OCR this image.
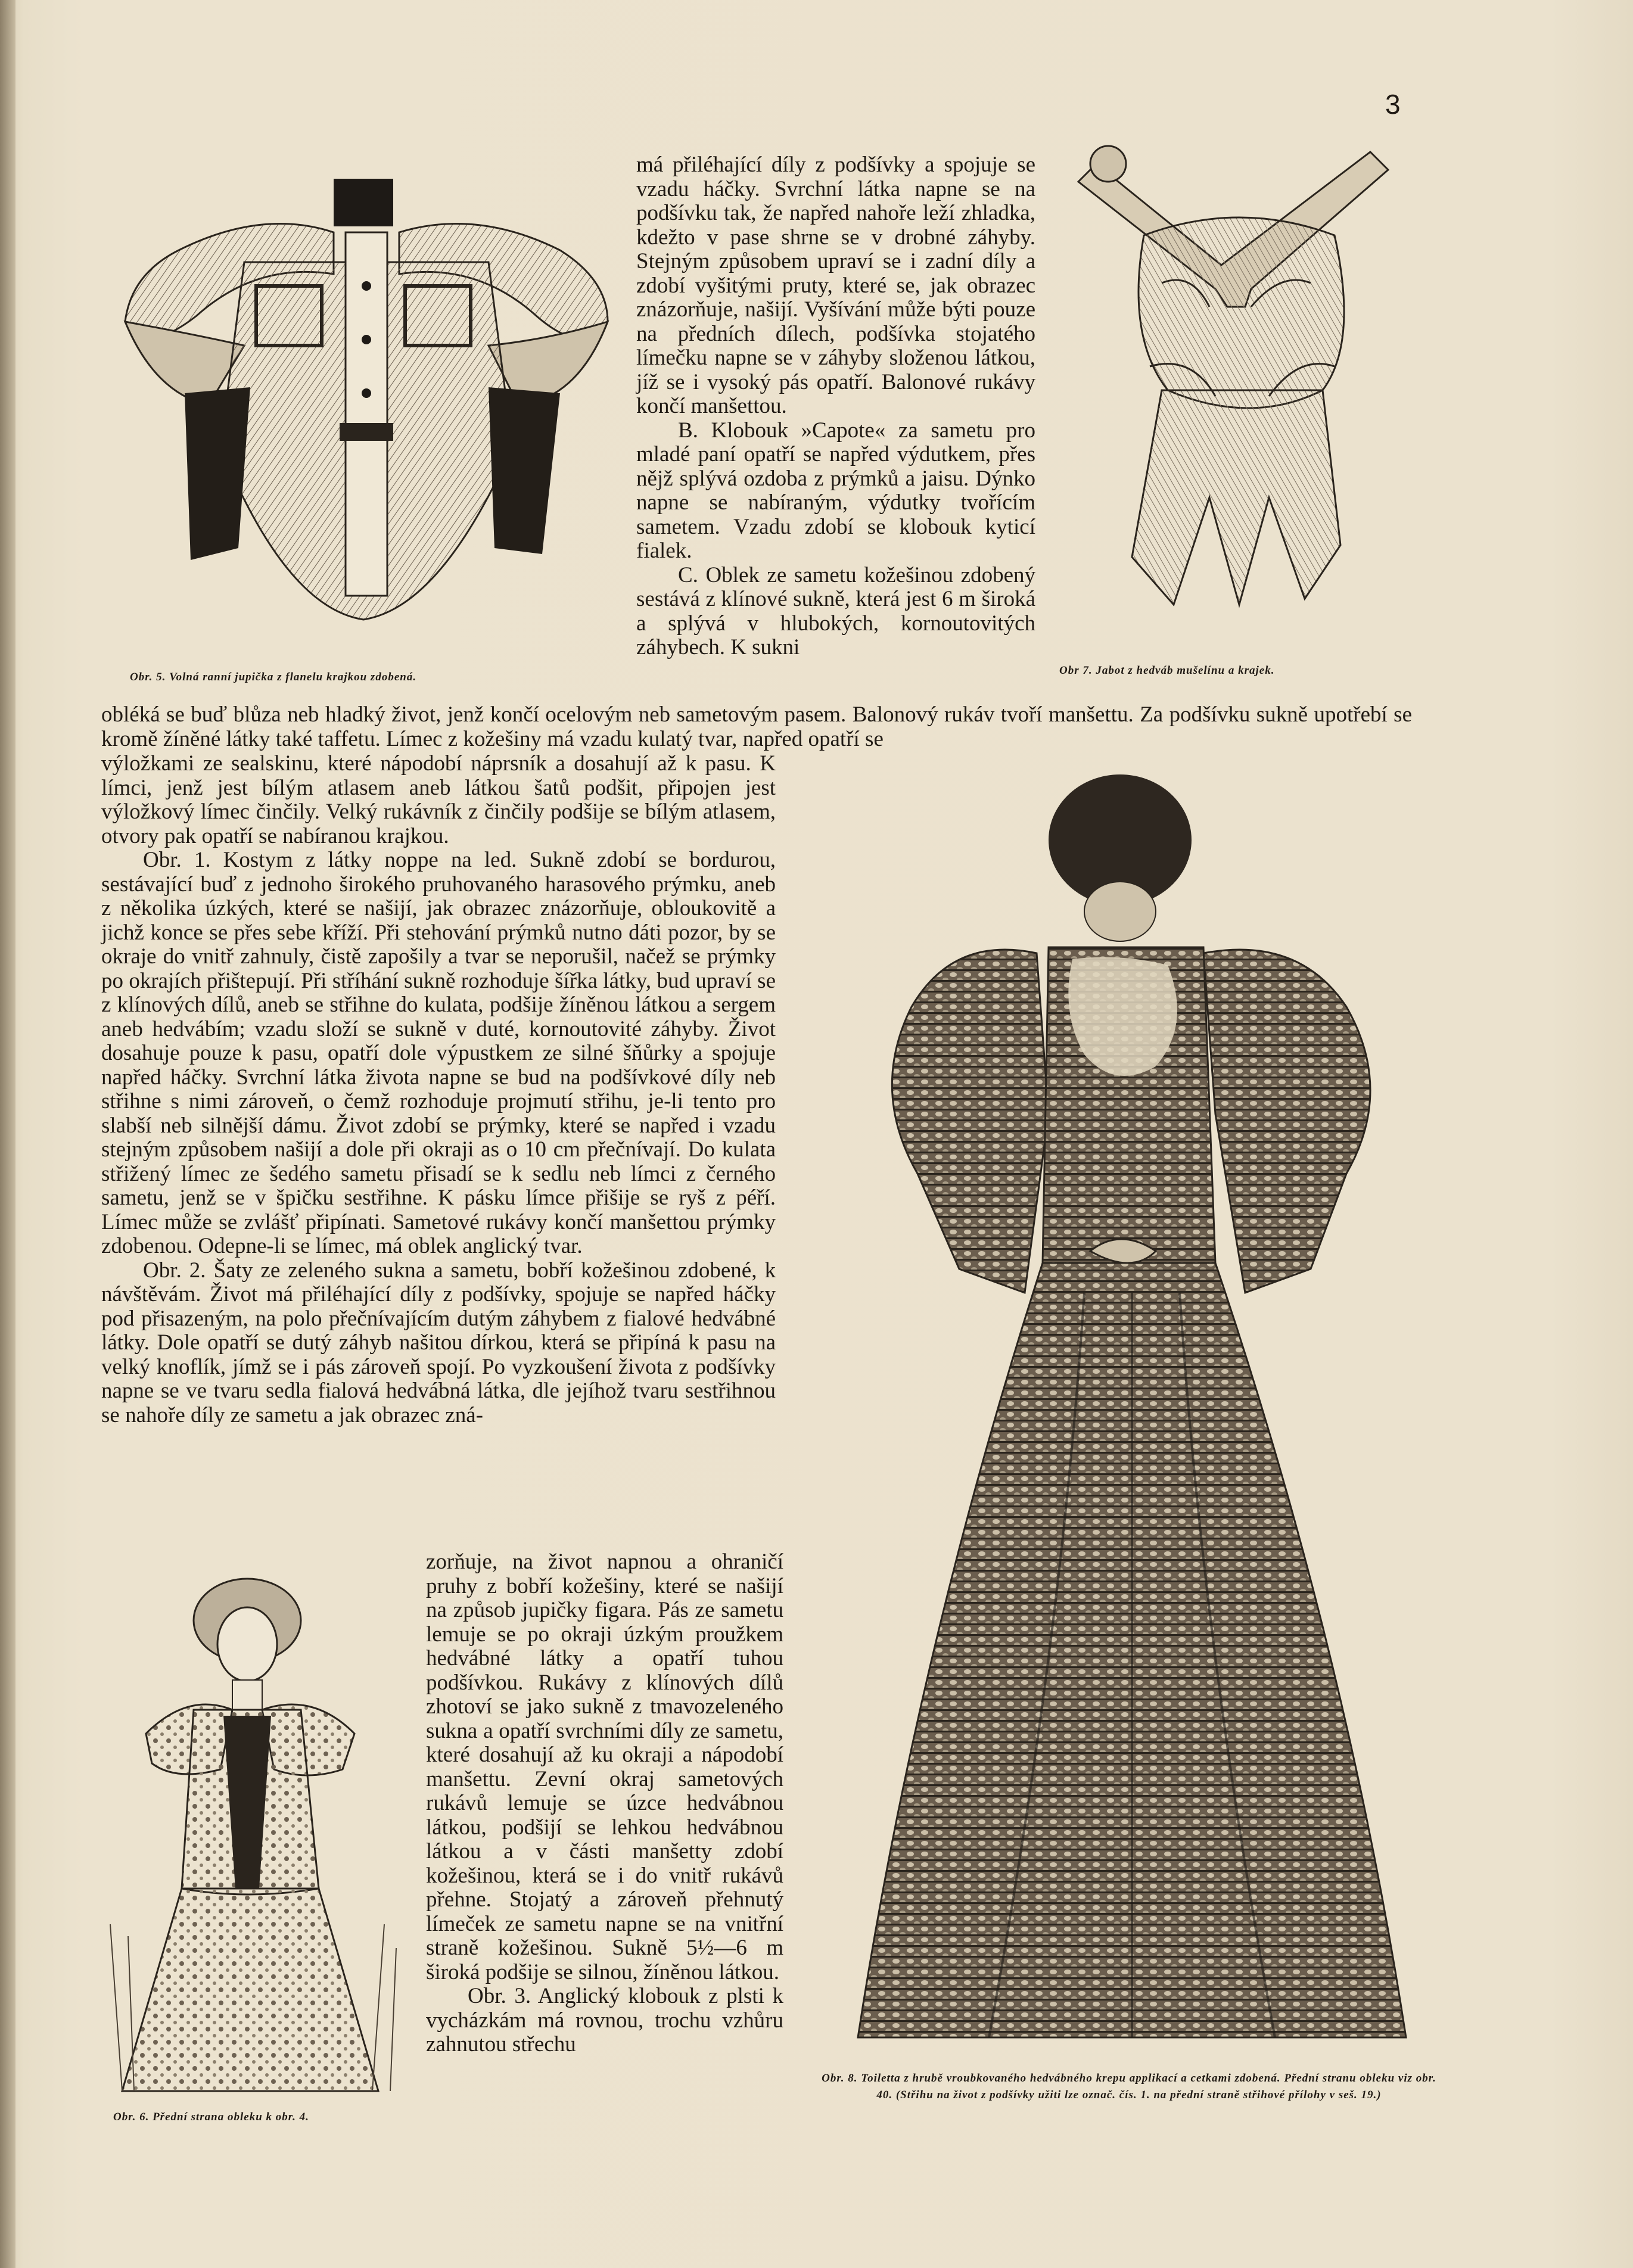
3
Obr. 5. Volná ranní jupička z flanelu krajkou zdobená.

má přiléhající díly z podšívky a spojuje se vzadu háčky. Svrchní látka napne se na podšívku tak, že napřed nahoře leží zhladka, kdežto v pase shrne se v drobné záhyby. Stejným způsobem upraví se i zadní díly a zdobí vyšitými pruty, které se, jak obrazec znázorňuje, našijí. Vyšívání může býti pouze na předních dílech, podšívka stojatého límečku napne se v záhyby složenou látkou, jíž se i vysoký pás opatří. Balonové rukávy končí manšettou.

B. Klobouk »Capote« za sametu pro mladé paní opatří se napřed výdutkem, přes nějž splývá ozdoba z prýmků a jaisu. Dýnko napne se nabíraným, výdutky tvořícím sametem. Vzadu zdobí se klobouk kyticí fialek.

C. Oblek ze sametu kožešinou zdobený sestává z klínové sukně, která jest 6 m široká a splývá v hlubokých, kornoutovitých záhybech. K sukni

Obr 7. Jabot z hedváb mušelínu a krajek.

obléká se buď blůza neb hladký život, jenž končí ocelovým neb sametovým pasem. Balonový rukáv tvoří manšettu. Za podšívku sukně upotřebí se kromě žíněné látky také taffetu. Límec z kožešiny má vzadu kulatý tvar, napřed opatří se

výložkami ze sealskinu, které nápodobí náprsník a dosahují až k pasu. K límci, jenž jest bílým atlasem aneb látkou šatů podšit, připojen jest výložkový límec činčily. Velký rukávník z činčily podšije se bílým atlasem, otvory pak opatří se nabíranou krajkou.

Obr. 1. Kostym z látky noppe na led. Sukně zdobí se bordurou, sestávající buď z jednoho širokého pruhovaného harasového prýmku, aneb z několika úzkých, které se našijí, jak obrazec znázorňuje, obloukovitě a jichž konce se přes sebe kříží. Při stehování prýmků nutno dáti pozor, by se okraje do vnitř zahnuly, čistě zapošily a tvar se neporušil, načež se prýmky po okrajích přištepují. Při stříhání sukně rozhoduje šířka látky, bud upraví se z klínových dílů, aneb se střihne do kulata, podšije žíněnou látkou a sergem aneb hedvábím; vzadu složí se sukně v duté, kornoutovité záhyby. Život dosahuje pouze k pasu, opatří dole výpustkem ze silné šňůrky a spojuje napřed háčky. Svrchní látka života napne se bud na podšívkové díly neb střihne s nimi zároveň, o čemž rozhoduje projmutí střihu, je-li tento pro slabší neb silnější dámu. Život zdobí se prýmky, které se napřed i vzadu stejným způsobem našijí a dole při okraji as o 10 cm přečnívají. Do kulata střižený límec ze šedého sametu přisadí se k sedlu neb límci z černého sametu, jenž se v špičku sestřihne. K pásku límce přišije se ryš z péří. Límec může se zvlášť připínati. Sametové rukávy končí manšettou prýmky zdobenou. Odepne-li se límec, má oblek anglický tvar.

Obr. 2. Šaty ze zeleného sukna a sametu, bobří kožešinou zdobené, k návštěvám. Život má přiléhající díly z podšívky, spojuje se napřed háčky pod přisazeným, na polo přečnívajícím dutým záhybem z fialové hedvábné látky. Dole opatří se dutý záhyb našitou dírkou, která se připíná k pasu na velký knoflík, jímž se i pás zároveň spojí. Po vyzkoušení života z podšívky napne se ve tvaru sedla fialová hedvábná látka, dle jejíhož tvaru sestřihnou se nahoře díly ze sametu a jak obrazec zná-

Obr. 6. Přední strana obleku k obr. 4.

zorňuje, na život napnou a ohraničí pruhy z bobří kožešiny, které se našijí na způsob jupičky figara. Pás ze sametu lemuje se po okraji úzkým proužkem hedvábné látky a opatří tuhou podšívkou. Rukávy z klínových dílů zhotoví se jako sukně z tmavozeleného sukna a opatří svrchními díly ze sametu, které dosahují až ku okraji a nápodobí manšettu. Zevní okraj sametových rukávů lemuje se úzce hedvábnou látkou, podšijí se lehkou hedvábnou látkou a v části manšetty zdobí kožešinou, která se i do vnitř rukávů přehne. Stojatý a zároveň přehnutý límeček ze sametu napne se na vnitřní straně kožešinou. Sukně 5½—6 m široká podšije se silnou, žíněnou látkou.

Obr. 3. Anglický klobouk z plsti k vycházkám má rovnou, trochu vzhůru zahnutou střechu

Obr. 8. Toiletta z hrubě vroubkovaného hedvábného krepu applikací a cetkami zdobená. Přední stranu obleku viz obr. 40. (Střihu na život z podšívky užiti lze označ. čís. 1. na přední straně střihové přílohy v seš. 19.)
